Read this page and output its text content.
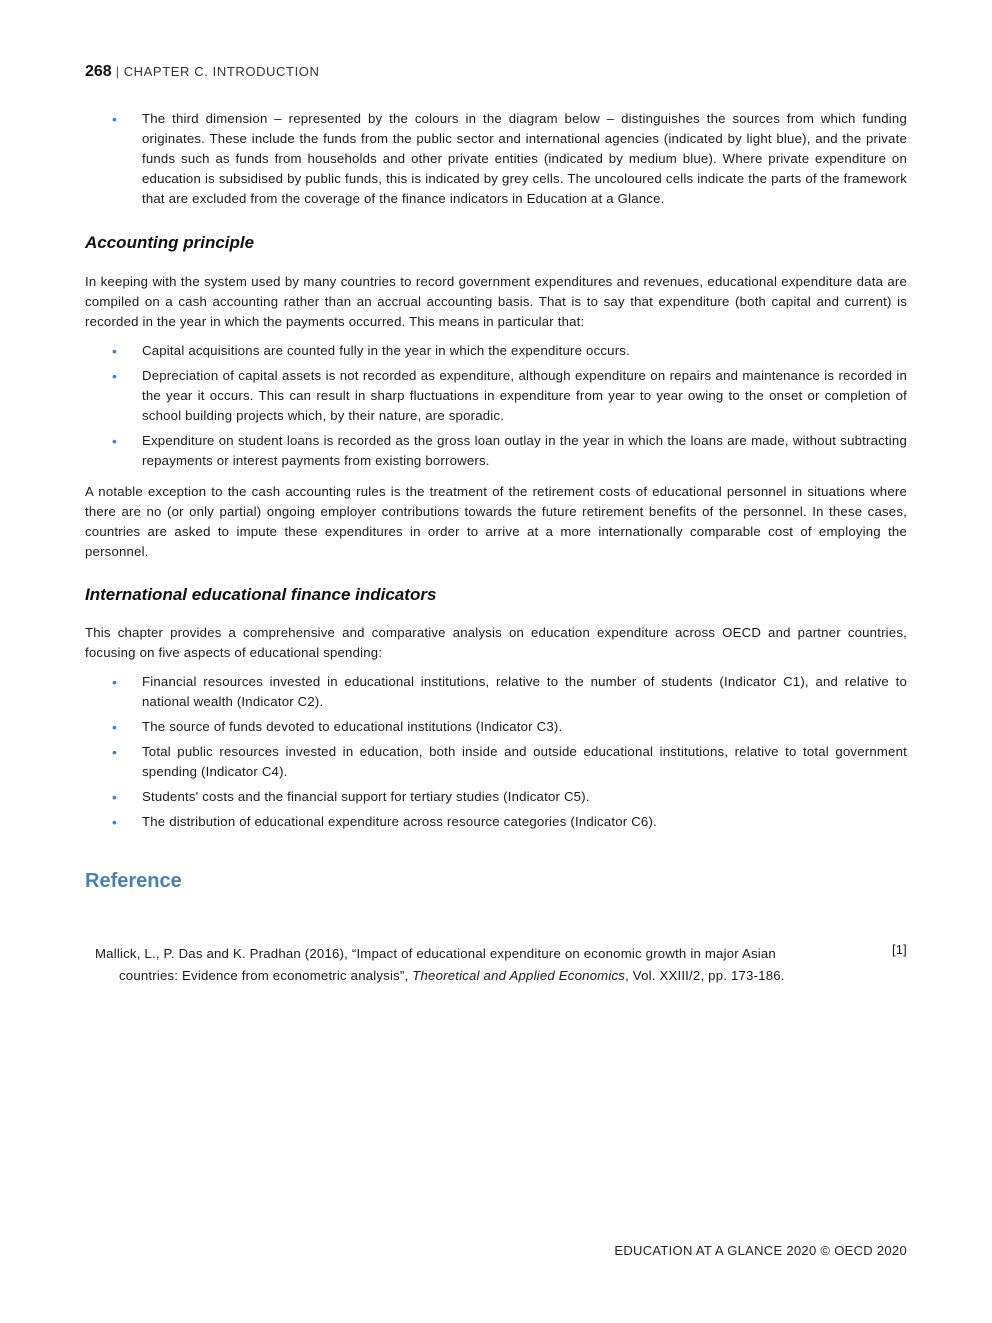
268 | CHAPTER C. INTRODUCTION
• The third dimension – represented by the colours in the diagram below – distinguishes the sources from which funding originates. These include the funds from the public sector and international agencies (indicated by light blue), and the private funds such as funds from households and other private entities (indicated by medium blue). Where private expenditure on education is subsidised by public funds, this is indicated by grey cells. The uncoloured cells indicate the parts of the framework that are excluded from the coverage of the finance indicators in Education at a Glance.
Accounting principle

In keeping with the system used by many countries to record government expenditures and revenues, educational expenditure data are compiled on a cash accounting rather than an accrual accounting basis. That is to say that expenditure (both capital and current) is recorded in the year in which the payments occurred. This means in particular that:

• Capital acquisitions are counted fully in the year in which the expenditure occurs.
• Depreciation of capital assets is not recorded as expenditure, although expenditure on repairs and maintenance is recorded in the year it occurs. This can result in sharp fluctuations in expenditure from year to year owing to the onset or completion of school building projects which, by their nature, are sporadic.
• Expenditure on student loans is recorded as the gross loan outlay in the year in which the loans are made, without subtracting repayments or interest payments from existing borrowers.

A notable exception to the cash accounting rules is the treatment of the retirement costs of educational personnel in situations where there are no (or only partial) ongoing employer contributions towards the future retirement benefits of the personnel. In these cases, countries are asked to impute these expenditures in order to arrive at a more internationally comparable cost of employing the personnel.

International educational finance indicators

This chapter provides a comprehensive and comparative analysis on education expenditure across OECD and partner countries, focusing on five aspects of educational spending:

• Financial resources invested in educational institutions, relative to the number of students (Indicator C1), and relative to national wealth (Indicator C2).
• The source of funds devoted to educational institutions (Indicator C3).
• Total public resources invested in education, both inside and outside educational institutions, relative to total government spending (Indicator C4).
• Students' costs and the financial support for tertiary studies (Indicator C5).
• The distribution of educational expenditure across resource categories (Indicator C6).
Reference
Mallick, L., P. Das and K. Pradhan (2016), “Impact of educational expenditure on economic growth in major Asian
countries: Evidence from econometric analysis”, Theoretical and Applied Economics, Vol. XXIII/2, pp. 173-186.
[1]
EDUCATION AT A GLANCE 2020 © OECD 2020
